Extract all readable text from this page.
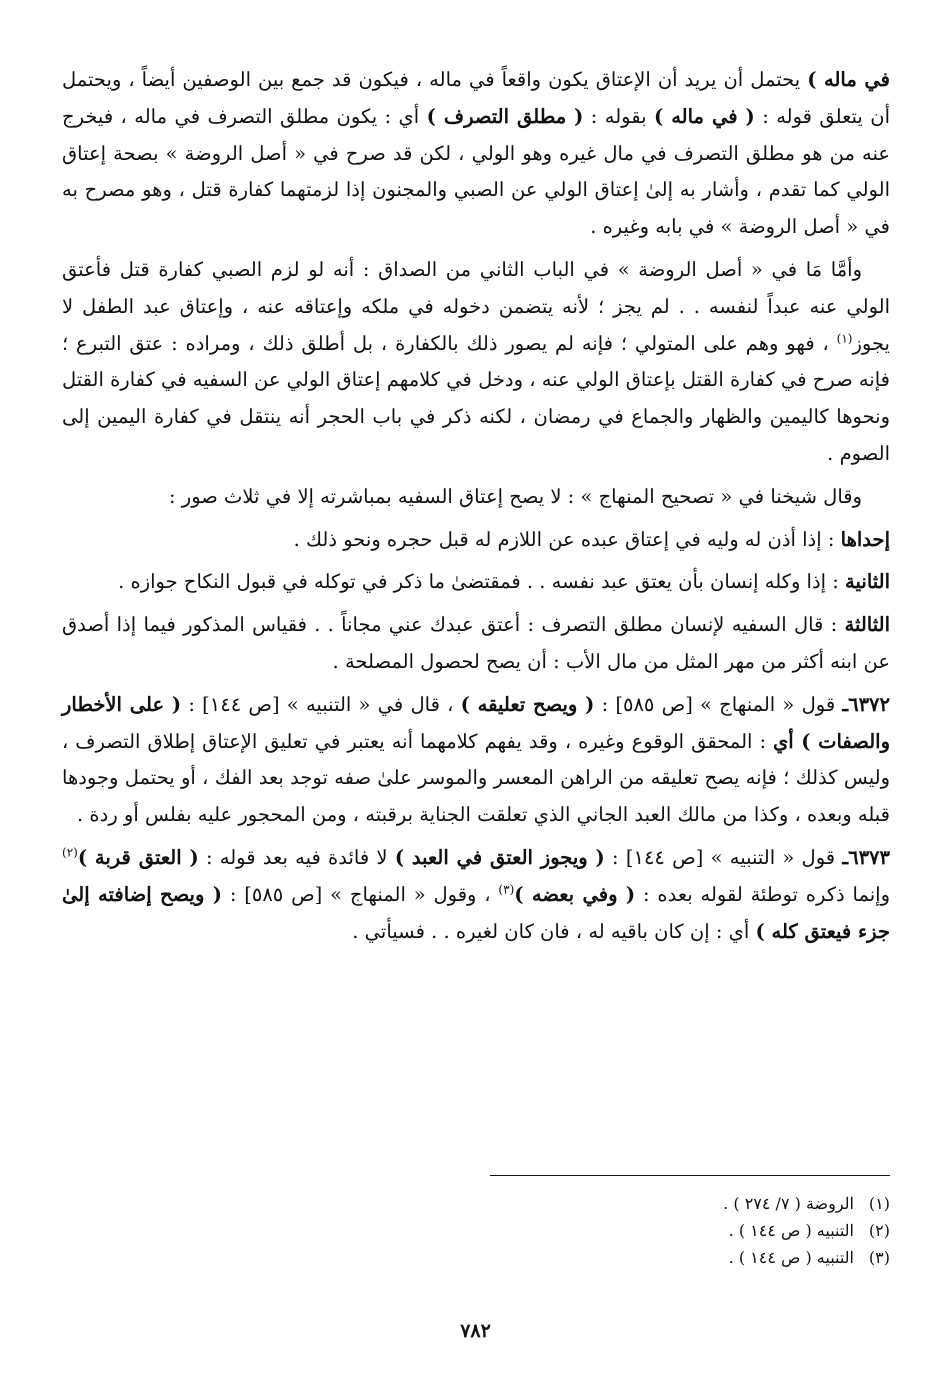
في ماله ) يحتمل أن يريد أن الإعتاق يكون واقعاً في ماله ، فيكون قد جمع بين الوصفين أيضاً ، ويحتمل أن يتعلق قوله : ( في ماله ) بقوله : ( مطلق التصرف ) أي : يكون مطلق التصرف في ماله ، فيخرج عنه من هو مطلق التصرف في مال غيره وهو الولي ، لكن قد صرح في « أصل الروضة » بصحة إعتاق الولي كما تقدم ، وأشار به إلىٰ إعتاق الولي عن الصبي والمجنون إذا لزمتهما كفارة قتل ، وهو مصرح به في « أصل الروضة » في بابه وغيره .

وأمَّا مَا في « أصل الروضة » في الباب الثاني من الصداق : أنه لو لزم الصبي كفارة قتل فأعتق الولي عنه عبداً لنفسه . . لم يجز ؛ لأنه يتضمن دخوله في ملكه وإعتاقه عنه ، وإعتاق عبد الطفل لا يجوز$^{(١)}$ ، فهو وهم على المتولي ؛ فإنه لم يصور ذلك بالكفارة ، بل أطلق ذلك ، ومراده : عتق التبرع ؛ فإنه صرح في كفارة القتل بإعتاق الولي عنه ، ودخل في كلامهم إعتاق الولي عن السفيه في كفارة القتل ونحوها كاليمين والظهار والجماع في رمضان ، لكنه ذكر في باب الحجر أنه ينتقل في كفارة اليمين إلى الصوم .

وقال شيخنا في « تصحيح المنهاج » : لا يصح إعتاق السفيه بمباشرته إلا في ثلاث صور :

إحداها : إذا أذن له وليه في إعتاق عبده عن اللازم له قبل حجره ونحو ذلك .

الثانية : إذا وكله إنسان بأن يعتق عبد نفسه . . فمقتضىٰ ما ذكر في توكله في قبول النكاح جوازه .

الثالثة : قال السفيه لإنسان مطلق التصرف : أعتق عبدك عني مجاناً . . فقياس المذكور فيما إذا أصدق عن ابنه أكثر من مهر المثل من مال الأب : أن يصح لحصول المصلحة .

٦٣٧٢ـ قول « المنهاج » [ص ٥٨٥] : ( ويصح تعليقه ) ، قال في « التنبيه » [ص ١٤٤] : ( على الأخطار والصفات ) أي : المحقق الوقوع وغيره ، وقد يفهم كلامهما أنه يعتبر في تعليق الإعتاق إطلاق التصرف ، وليس كذلك ؛ فإنه يصح تعليقه من الراهن المعسر والموسر علىٰ صفه توجد بعد الفك ، أو يحتمل وجودها قبله وبعده ، وكذا من مالك العبد الجاني الذي تعلقت الجناية برقبته ، ومن المحجور عليه بفلس أو ردة .

٦٣٧٣ـ قول « التنبيه » [ص ١٤٤] : ( ويجوز العتق في العبد ) لا فائدة فيه بعد قوله : ( العتق قربة )$^{(٢)}$ وإنما ذكره توطئة لقوله بعده : ( وفي بعضه )$^{(٣)}$ ، وقول « المنهاج » [ص ٥٨٥] : ( ويصح إضافته إلىٰ جزء فيعتق كله ) أي : إن كان باقيه له ، فان كان لغيره . . فسيأتي .

(١)الروضة ( ٧/ ٢٧٤ ) .
(٢)التنبيه ( ص ١٤٤ ) .
(٣)التنبيه ( ص ١٤٤ ) .
٧٨٢
